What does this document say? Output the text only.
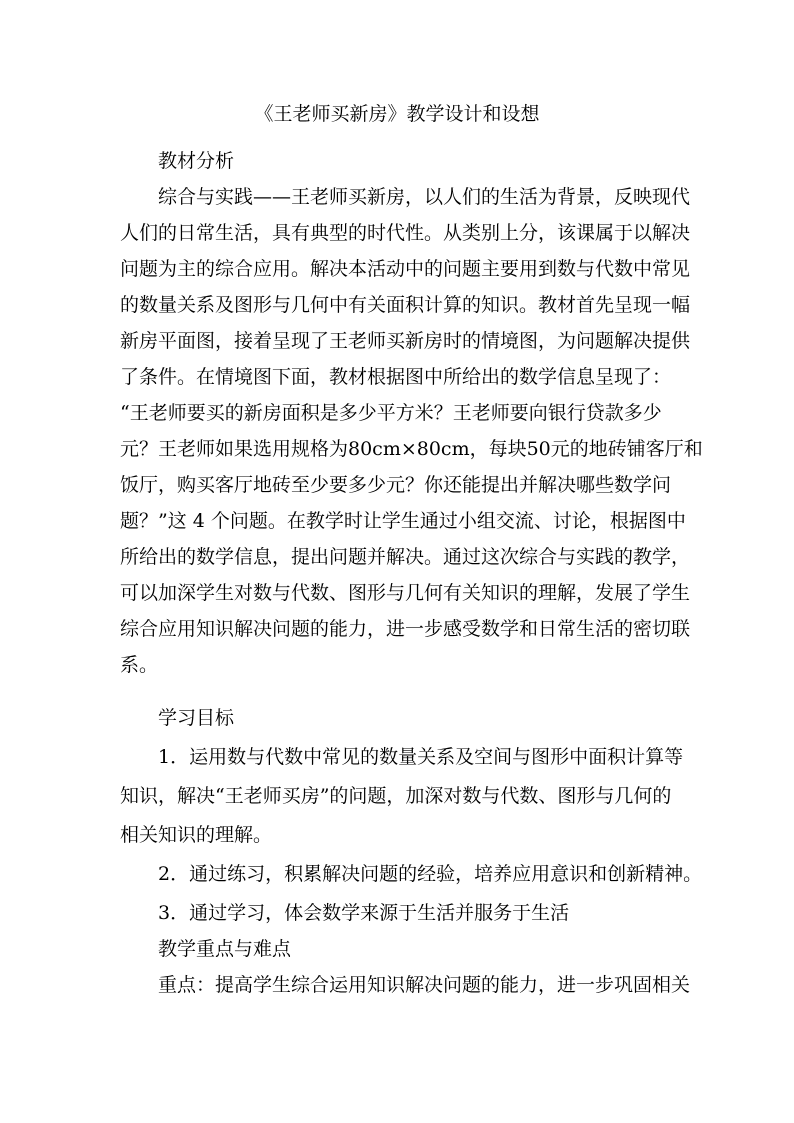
《王老师买新房》教学设计和设想
教材分析
综合与实践——王老师买新房，以人们的生活为背景，反映现代
人们的日常生活，具有典型的时代性。从类别上分，该课属于以解决
问题为主的综合应用。解决本活动中的问题主要用到数与代数中常见
的数量关系及图形与几何中有关面积计算的知识。教材首先呈现一幅
新房平面图，接着呈现了王老师买新房时的情境图，为问题解决提供
了条件。在情境图下面，教材根据图中所给出的数学信息呈现了：
“王老师要买的新房面积是多少平方米？王老师要向银行贷款多少
元？王老师如果选用规格为80cm×80cm，每块50元的地砖铺客厅和
饭厅，购买客厅地砖至少要多少元？你还能提出并解决哪些数学问
题？”这 4 个问题。在教学时让学生通过小组交流、讨论，根据图中
所给出的数学信息，提出问题并解决。通过这次综合与实践的教学，
可以加深学生对数与代数、图形与几何有关知识的理解，发展了学生
综合应用知识解决问题的能力，进一步感受数学和日常生活的密切联
系。
学习目标
1．运用数与代数中常见的数量关系及空间与图形中面积计算等
知识，解决“王老师买房”的问题，加深对数与代数、图形与几何的
相关知识的理解。
2．通过练习，积累解决问题的经验，培养应用意识和创新精神。
3．通过学习，体会数学来源于生活并服务于生活
教学重点与难点
重点：提高学生综合运用知识解决问题的能力，进一步巩固相关
